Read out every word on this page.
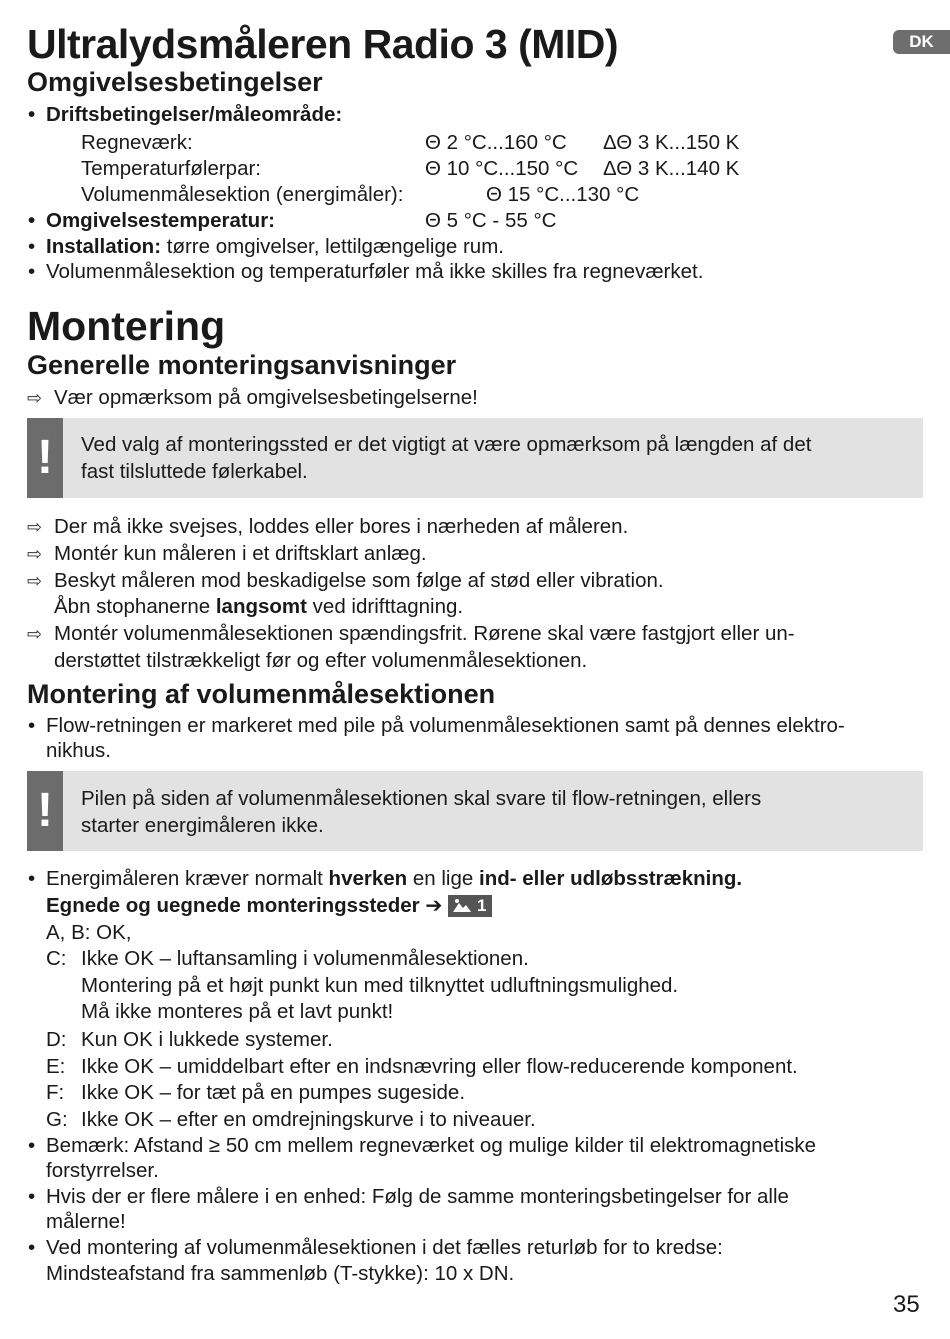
Ultralydsmåleren Radio 3 (MID)	DK
Omgivelsesbetingelser
• Driftsbetingelser/måleområde:
Regneværk:	Θ 2 °C...160 °C ΔΘ 3 K...150 K
Temperaturfølerpar:	Θ 10 °C...150 °C ΔΘ 3 K...140 K
Volumenmålesektion (energimåler):	Θ 15 °C...130 °C
• Omgivelsestemperatur:	Θ 5 °C - 55 °C
• Installation: tørre omgivelser, lettilgængelige rum.
• Volumenmålesektion og temperaturføler må ikke skilles fra regneværket.
Montering
Generelle monteringsanvisninger
⇨ Vær opmærksom på omgivelsesbetingelserne!
!	Ved valg af monteringssted er det vigtigt at være opmærksom på længden af det
fast tilsluttede følerkabel.
⇨ Der må ikke svejses, loddes eller bores i nærheden af måleren.
⇨ Montér kun måleren i et driftsklart anlæg.
⇨ Beskyt måleren mod beskadigelse som følge af stød eller vibration.
Åbn stophanerne langsomt ved idrifttagning.
⇨ Montér volumenmålesektionen spændingsfrit. Rørene skal være fastgjort eller un-
derstøttet tilstrækkeligt før og efter volumenmålesektionen.
Montering af volumenmålesektionen
• Flow-retningen er markeret med pile på volumenmålesektionen samt på dennes elektro-
nikhus.
!	Pilen på siden af volumenmålesektionen skal svare til flow-retningen, ellers
starter energimåleren ikke.
• Energimåleren kræver normalt hverken en lige ind- eller udløbsstrækning.
Egnede og uegnede monteringssteder ➔ 1
A, B: OK,
C: Ikke OK – luftansamling i volumenmålesektionen.
Montering på et højt punkt kun med tilknyttet udluftningsmulighed.
Må ikke monteres på et lavt punkt!
D: Kun OK i lukkede systemer.
E: Ikke OK – umiddelbart efter en indsnævring eller flow-reducerende komponent.
F: Ikke OK – for tæt på en pumpes sugeside.
G: Ikke OK – efter en omdrejningskurve i to niveauer.
• Bemærk: Afstand ≥ 50 cm mellem regneværket og mulige kilder til elektromagnetiske
forstyrrelser.
• Hvis der er flere målere i en enhed: Følg de samme monteringsbetingelser for alle
målerne!
• Ved montering af volumenmålesektionen i det fælles returløb for to kredse:
Mindsteafstand fra sammenløb (T-stykke): 10 x DN.
35
